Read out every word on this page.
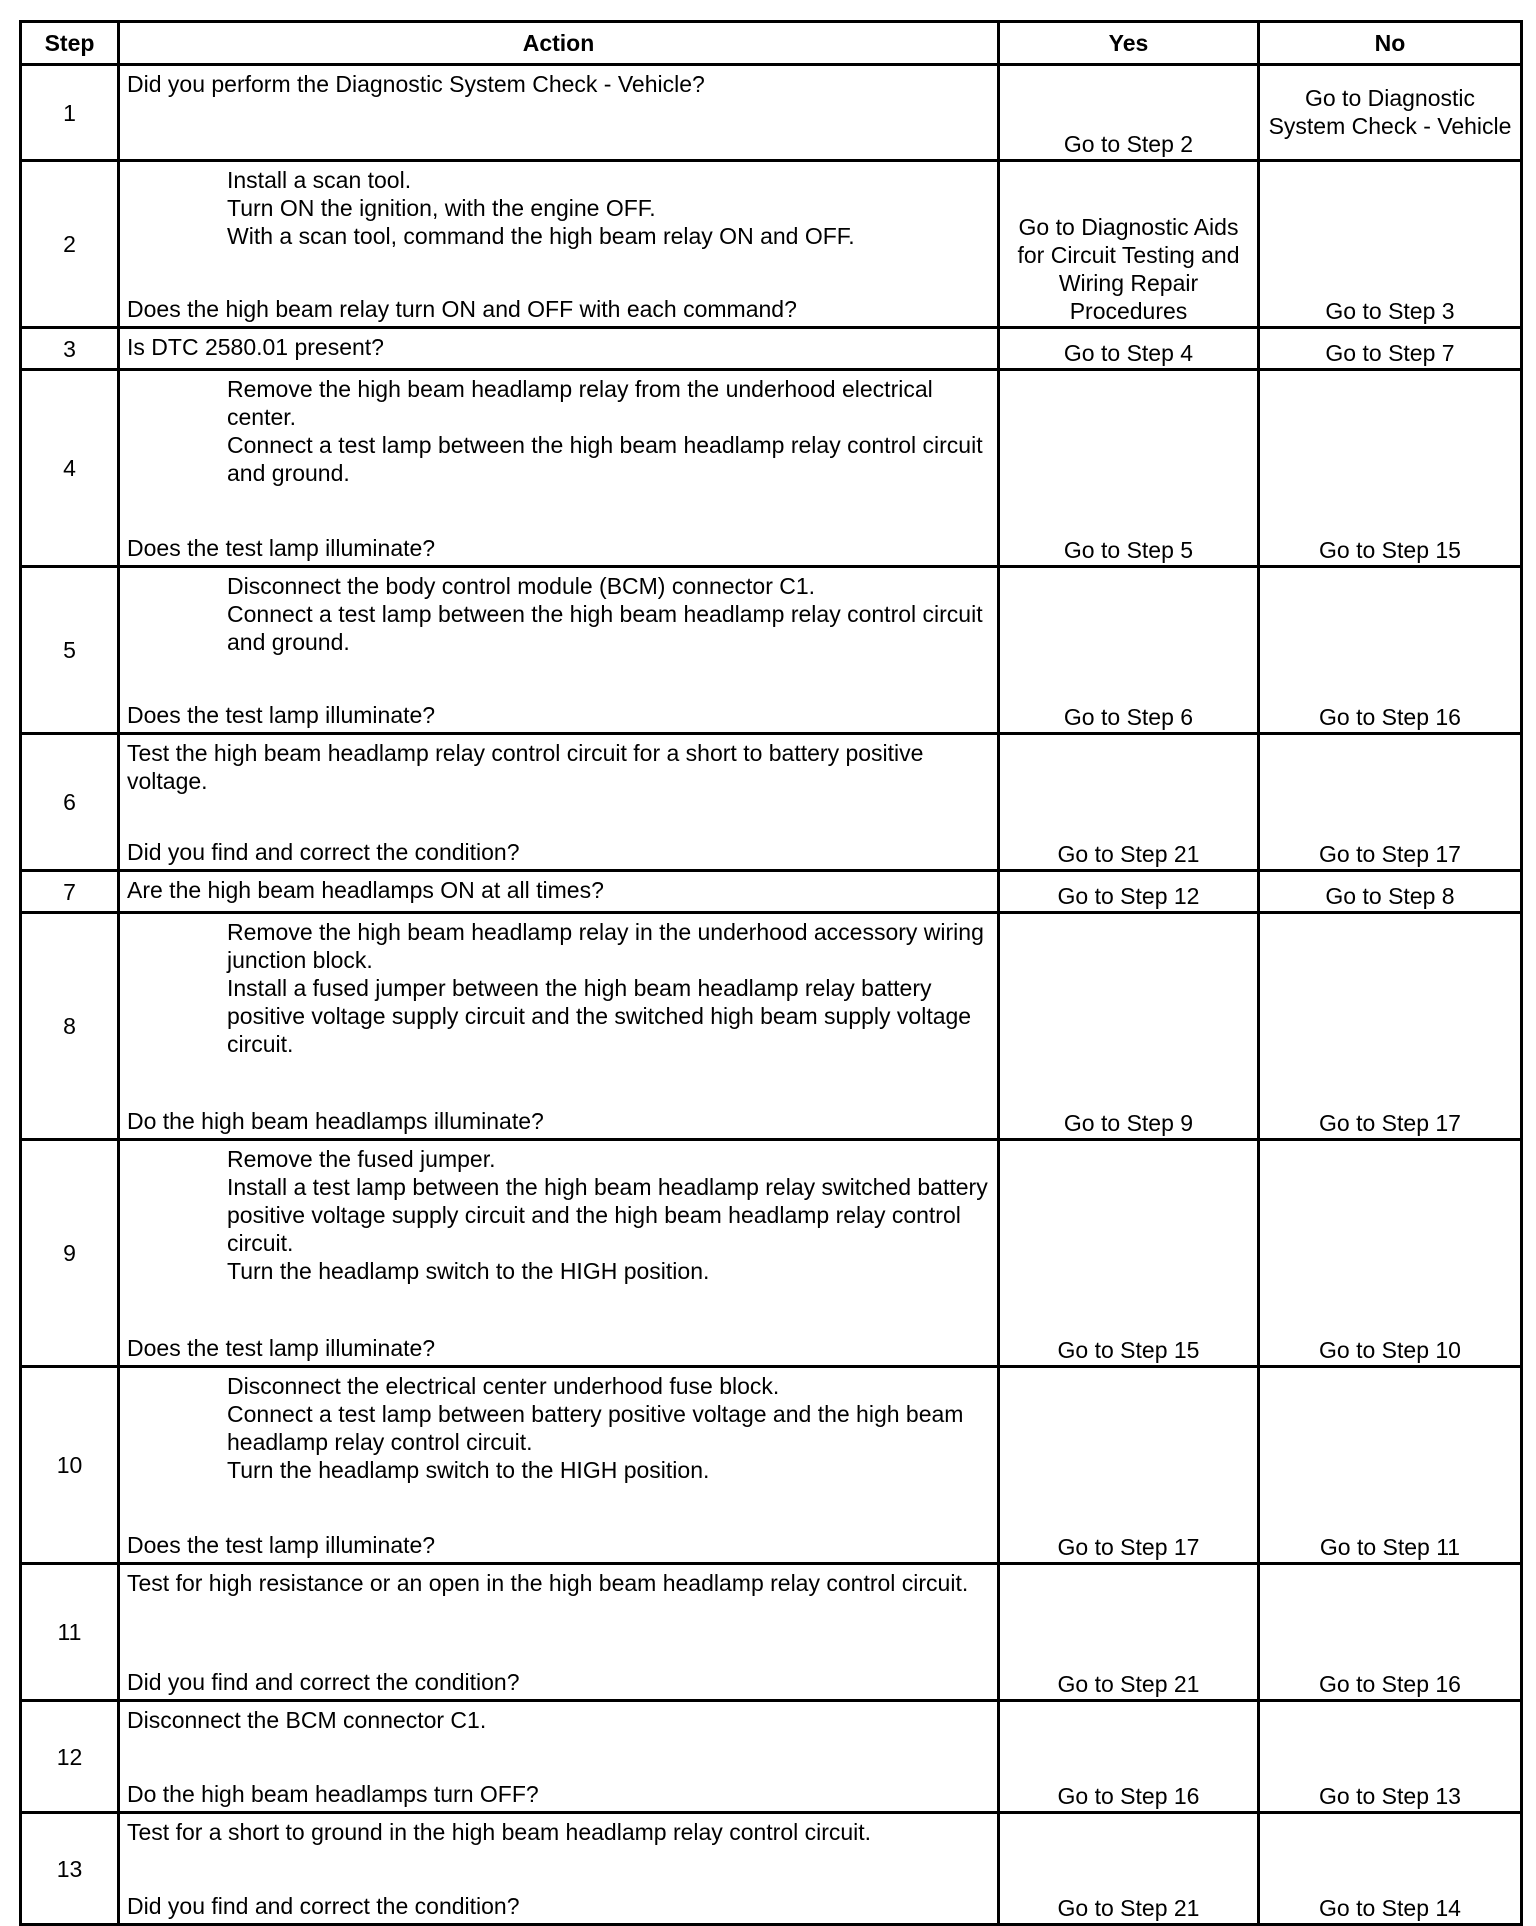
Step	Action	Yes	No
1	Did you perform the Diagnostic System Check - Vehicle?	Go to Step 2	Go to Diagnostic System Check - Vehicle
2	Install a scan tool.
Turn ON the ignition, with the engine OFF.
With a scan tool, command the high beam relay ON and OFF.
Does the high beam relay turn ON and OFF with each command?	Go to Diagnostic Aids for Circuit Testing and Wiring Repair Procedures	Go to Step 3
3	Is DTC 2580.01 present?	Go to Step 4	Go to Step 7
4	Remove the high beam headlamp relay from the underhood electrical center.
Connect a test lamp between the high beam headlamp relay control circuit and ground.
Does the test lamp illuminate?	Go to Step 5	Go to Step 15
5	Disconnect the body control module (BCM) connector C1.
Connect a test lamp between the high beam headlamp relay control circuit and ground.
Does the test lamp illuminate?	Go to Step 6	Go to Step 16
6	Test the high beam headlamp relay control circuit for a short to battery positive voltage.
Did you find and correct the condition?	Go to Step 21	Go to Step 17
7	Are the high beam headlamps ON at all times?	Go to Step 12	Go to Step 8
8	Remove the high beam headlamp relay in the underhood accessory wiring junction block.
Install a fused jumper between the high beam headlamp relay battery positive voltage supply circuit and the switched high beam supply voltage circuit.
Do the high beam headlamps illuminate?	Go to Step 9	Go to Step 17
9	Remove the fused jumper.
Install a test lamp between the high beam headlamp relay switched battery positive voltage supply circuit and the high beam headlamp relay control circuit.
Turn the headlamp switch to the HIGH position.
Does the test lamp illuminate?	Go to Step 15	Go to Step 10
10	Disconnect the electrical center underhood fuse block.
Connect a test lamp between battery positive voltage and the high beam headlamp relay control circuit.
Turn the headlamp switch to the HIGH position.
Does the test lamp illuminate?	Go to Step 17	Go to Step 11
11	Test for high resistance or an open in the high beam headlamp relay control circuit.
Did you find and correct the condition?	Go to Step 21	Go to Step 16
12	Disconnect the BCM connector C1.
Do the high beam headlamps turn OFF?	Go to Step 16	Go to Step 13
13	Test for a short to ground in the high beam headlamp relay control circuit.
Did you find and correct the condition?	Go to Step 21	Go to Step 14
